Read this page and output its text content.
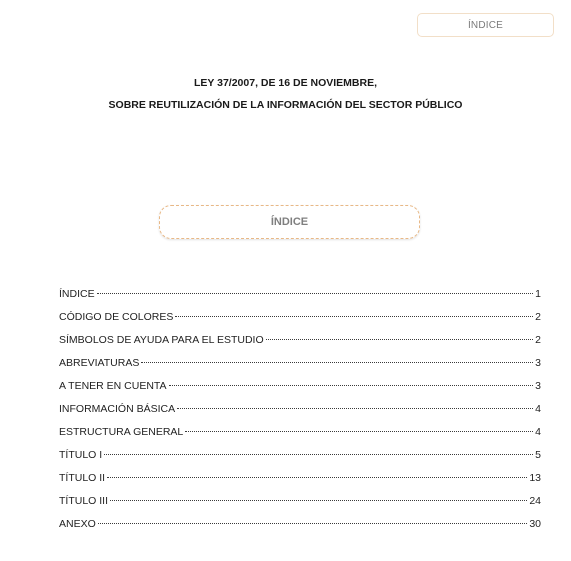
ÍNDICE
LEY 37/2007, DE 16 DE NOVIEMBRE,
SOBRE REUTILIZACIÓN DE LA INFORMACIÓN DEL SECTOR PÚBLICO
ÍNDICE
ÍNDICE	1
CÓDIGO DE COLORES	2
SÍMBOLOS DE AYUDA PARA EL ESTUDIO	2
ABREVIATURAS	3
A TENER EN CUENTA	3
INFORMACIÓN BÁSICA	4
ESTRUCTURA GENERAL	4
TÍTULO I	5
TÍTULO II	13
TÍTULO III	24
ANEXO	30
